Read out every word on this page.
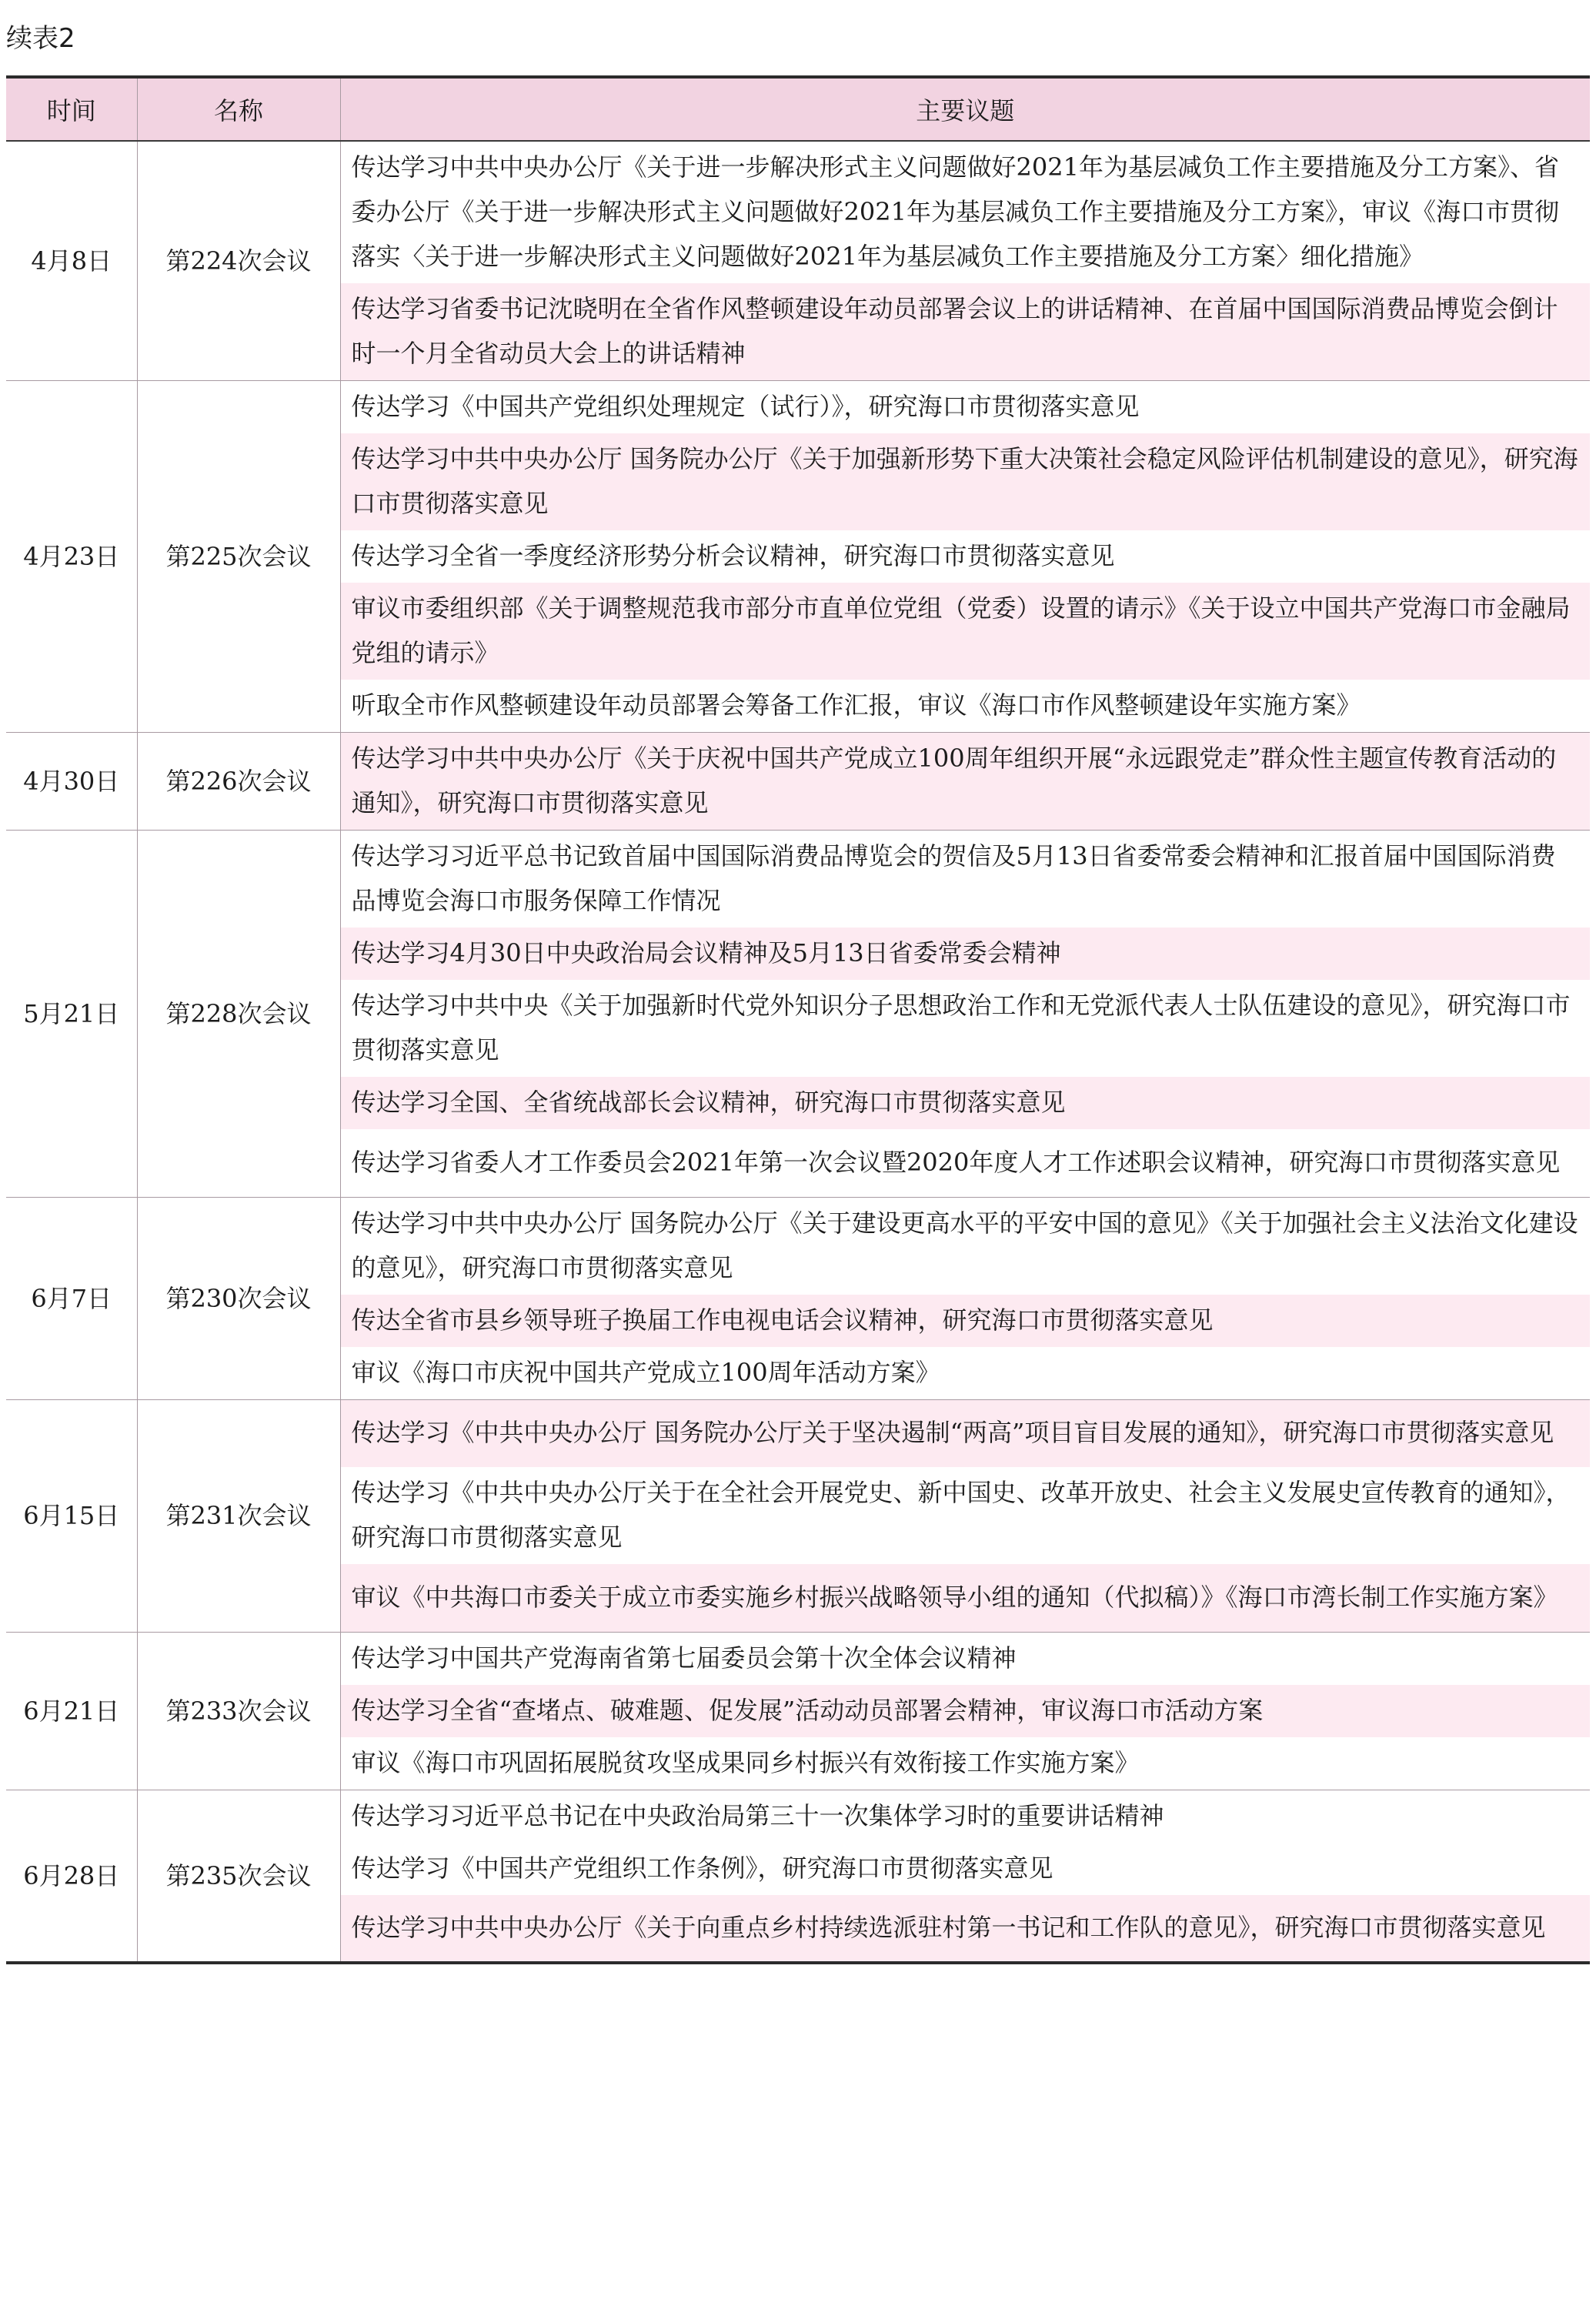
续表2
时间	名称	主要议题
4月8日	第224次会议	传达学习中共中央办公厅《关于进一步解决形式主义问题做好2021年为基层减负工作主要措施及分工方案》、省委办公厅《关于进一步解决形式主义问题做好2021年为基层减负工作主要措施及分工方案》，审议《海口市贯彻落实〈关于进一步解决形式主义问题做好2021年为基层减负工作主要措施及分工方案〉细化措施》
		传达学习省委书记沈晓明在全省作风整顿建设年动员部署会议上的讲话精神、在首届中国国际消费品博览会倒计时一个月全省动员大会上的讲话精神
4月23日	第225次会议	传达学习《中国共产党组织处理规定（试行）》，研究海口市贯彻落实意见
		传达学习中共中央办公厅 国务院办公厅《关于加强新形势下重大决策社会稳定风险评估机制建设的意见》，研究海口市贯彻落实意见
		传达学习全省一季度经济形势分析会议精神，研究海口市贯彻落实意见
		审议市委组织部《关于调整规范我市部分市直单位党组（党委）设置的请示》《关于设立中国共产党海口市金融局党组的请示》
		听取全市作风整顿建设年动员部署会筹备工作汇报，审议《海口市作风整顿建设年实施方案》
4月30日	第226次会议	传达学习中共中央办公厅《关于庆祝中国共产党成立100周年组织开展“永远跟党走”群众性主题宣传教育活动的通知》，研究海口市贯彻落实意见
5月21日	第228次会议	传达学习习近平总书记致首届中国国际消费品博览会的贺信及5月13日省委常委会精神和汇报首届中国国际消费品博览会海口市服务保障工作情况
		传达学习4月30日中央政治局会议精神及5月13日省委常委会精神
		传达学习中共中央《关于加强新时代党外知识分子思想政治工作和无党派代表人士队伍建设的意见》，研究海口市贯彻落实意见
		传达学习全国、全省统战部长会议精神，研究海口市贯彻落实意见
		传达学习省委人才工作委员会2021年第一次会议暨2020年度人才工作述职会议精神，研究海口市贯彻落实意见
6月7日	第230次会议	传达学习中共中央办公厅 国务院办公厅《关于建设更高水平的平安中国的意见》《关于加强社会主义法治文化建设的意见》，研究海口市贯彻落实意见
		传达全省市县乡领导班子换届工作电视电话会议精神，研究海口市贯彻落实意见
		审议《海口市庆祝中国共产党成立100周年活动方案》
6月15日	第231次会议	传达学习《中共中央办公厅 国务院办公厅关于坚决遏制“两高”项目盲目发展的通知》，研究海口市贯彻落实意见
		传达学习《中共中央办公厅关于在全社会开展党史、新中国史、改革开放史、社会主义发展史宣传教育的通知》，研究海口市贯彻落实意见
		审议《中共海口市委关于成立市委实施乡村振兴战略领导小组的通知（代拟稿）》《海口市湾长制工作实施方案》
6月21日	第233次会议	传达学习中国共产党海南省第七届委员会第十次全体会议精神
		传达学习全省“查堵点、破难题、促发展”活动动员部署会精神，审议海口市活动方案
		审议《海口市巩固拓展脱贫攻坚成果同乡村振兴有效衔接工作实施方案》
6月28日	第235次会议	传达学习习近平总书记在中央政治局第三十一次集体学习时的重要讲话精神
		传达学习《中国共产党组织工作条例》，研究海口市贯彻落实意见
		传达学习中共中央办公厅《关于向重点乡村持续选派驻村第一书记和工作队的意见》，研究海口市贯彻落实意见
